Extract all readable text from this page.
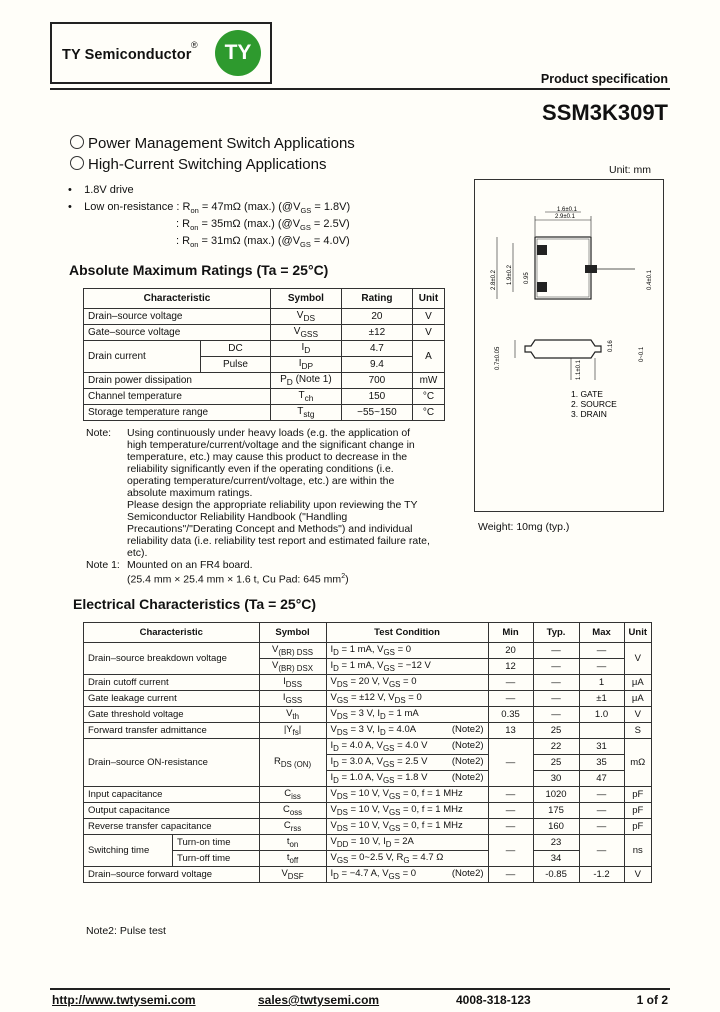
TY Semiconductor
®	TY
Product specification
SSM3K309T
Power Management Switch Applications
High-Current Switching Applications
•    1.8V drive
•    Low on-resistance : $R_{on} = 47m\Omega$ (max.) $(@V_{GS} = 1.8V)$
: $R_{on} = 35m\Omega$ (max.) $(@V_{GS} = 2.5V)$
: $R_{on} = 31m\Omega$ (max.) $(@V_{GS} = 4.0V)$
Absolute Maximum Ratings (Ta = 25°C)
Characteristic		Symbol	Rating	Unit
Drain–source voltage		$V_{DS}$	20	V
Gate–source voltage		$V_{GSS}$	±12	V
Drain current	DC	$I_D$	4.7	A
	Pulse	$I_{DP}$	9.4	
Drain power dissipation		$P_D$ (Note 1)	700	mW
Channel temperature		$T_{ch}$	150	°C
Storage temperature range		$T_{stg}$	−55~150	°C
Note: Using continuously under heavy loads (e.g. the application of high temperature/current/voltage and the significant change in temperature, etc.) may cause this product to decrease in the reliability significantly even if the operating conditions (i.e. operating temperature/current/voltage, etc.) are within the absolute maximum ratings.
Please design the appropriate reliability upon reviewing the TY Semiconductor Reliability Handbook ("Handling Precautions"/"Derating Concept and Methods") and individual reliability data (i.e. reliability test report and estimated failure rate, etc).
Note 1: Mounted on an FR4 board.
(25.4 mm × 25.4 mm × 1.6 t, Cu Pad: 645 $mm^2$)
Unit: mm
2.9±0.1
1.6±0.1
2.8±0.2 1.9±0.2 0.95	0.4±0.1
0.7±0.05
0.16
0~0.1
1.1±0.1
1. GATE
2. SOURCE
3. DRAIN
Weight: 10mg (typ.)
Electrical Characteristics (Ta = 25°C)
Characteristic		Symbol	Test Condition	Min	Typ.	Max	Unit
Drain–source breakdown voltage		$V_{(BR) DSS}$	$I_D = 1$ mA, $V_{GS} = 0$	20	—	—	V
		$V_{(BR) DSX}$	$I_D = 1$ mA, $V_{GS} = -12$ V	12	—	—	
Drain cutoff current		$I_{DSS}$	$V_{DS} = 20$ V, $V_{GS} = 0$	—	—	1	μA
Gate leakage current		$I_{GSS}$	$V_{GS} = \pm 12$ V, $V_{DS} = 0$	—	—	±1	μA
Gate threshold voltage		$V_{th}$	$V_{DS} = 3$ V, $I_D = 1$ mA	0.35	—	1.0	V
Forward transfer admittance		$|Y_{fs}|$	$V_{DS} = 3$ V, $I_D = 4.0A$ (Note2)	13	25		S
Drain–source ON-resistance		$R_{DS (ON)}$	$I_D = 4.0$ A, $V_{GS} = 4.0$ V (Note2)	—	22	31	mΩ
			$I_D = 3.0$ A, $V_{GS} = 2.5$ V (Note2)		25	35	
			$I_D = 1.0$ A, $V_{GS} = 1.8$ V (Note2)		30	47	
Input capacitance		$C_{iss}$	$V_{DS} = 10$ V, $V_{GS} = 0$, f = 1 MHz	—	1020	—	pF
Output capacitance		$C_{oss}$	$V_{DS} = 10$ V, $V_{GS} = 0$, f = 1 MHz	—	175	—	pF
Reverse transfer capacitance		$C_{rss}$	$V_{DS} = 10$ V, $V_{GS} = 0$, f = 1 MHz	—	160	—	pF
Switching time	Turn-on time	$t_{on}$	$V_{DD} = 10$ V, $I_D = 2A$	—	23	—	ns
	Turn-off time	$t_{off}$	$V_{GS}$ = 0~2.5 V, $R_G = 4.7$ Ω		34		
Drain–source forward voltage		$V_{DSF}$	$I_D = -4.7$ A, $V_{GS} = 0$ (Note2)	—	-0.85	-1.2	V
Note2: Pulse test
http://www.twtysemi.com	sales@twtysemi.com	4008-318-123	1 of 2
